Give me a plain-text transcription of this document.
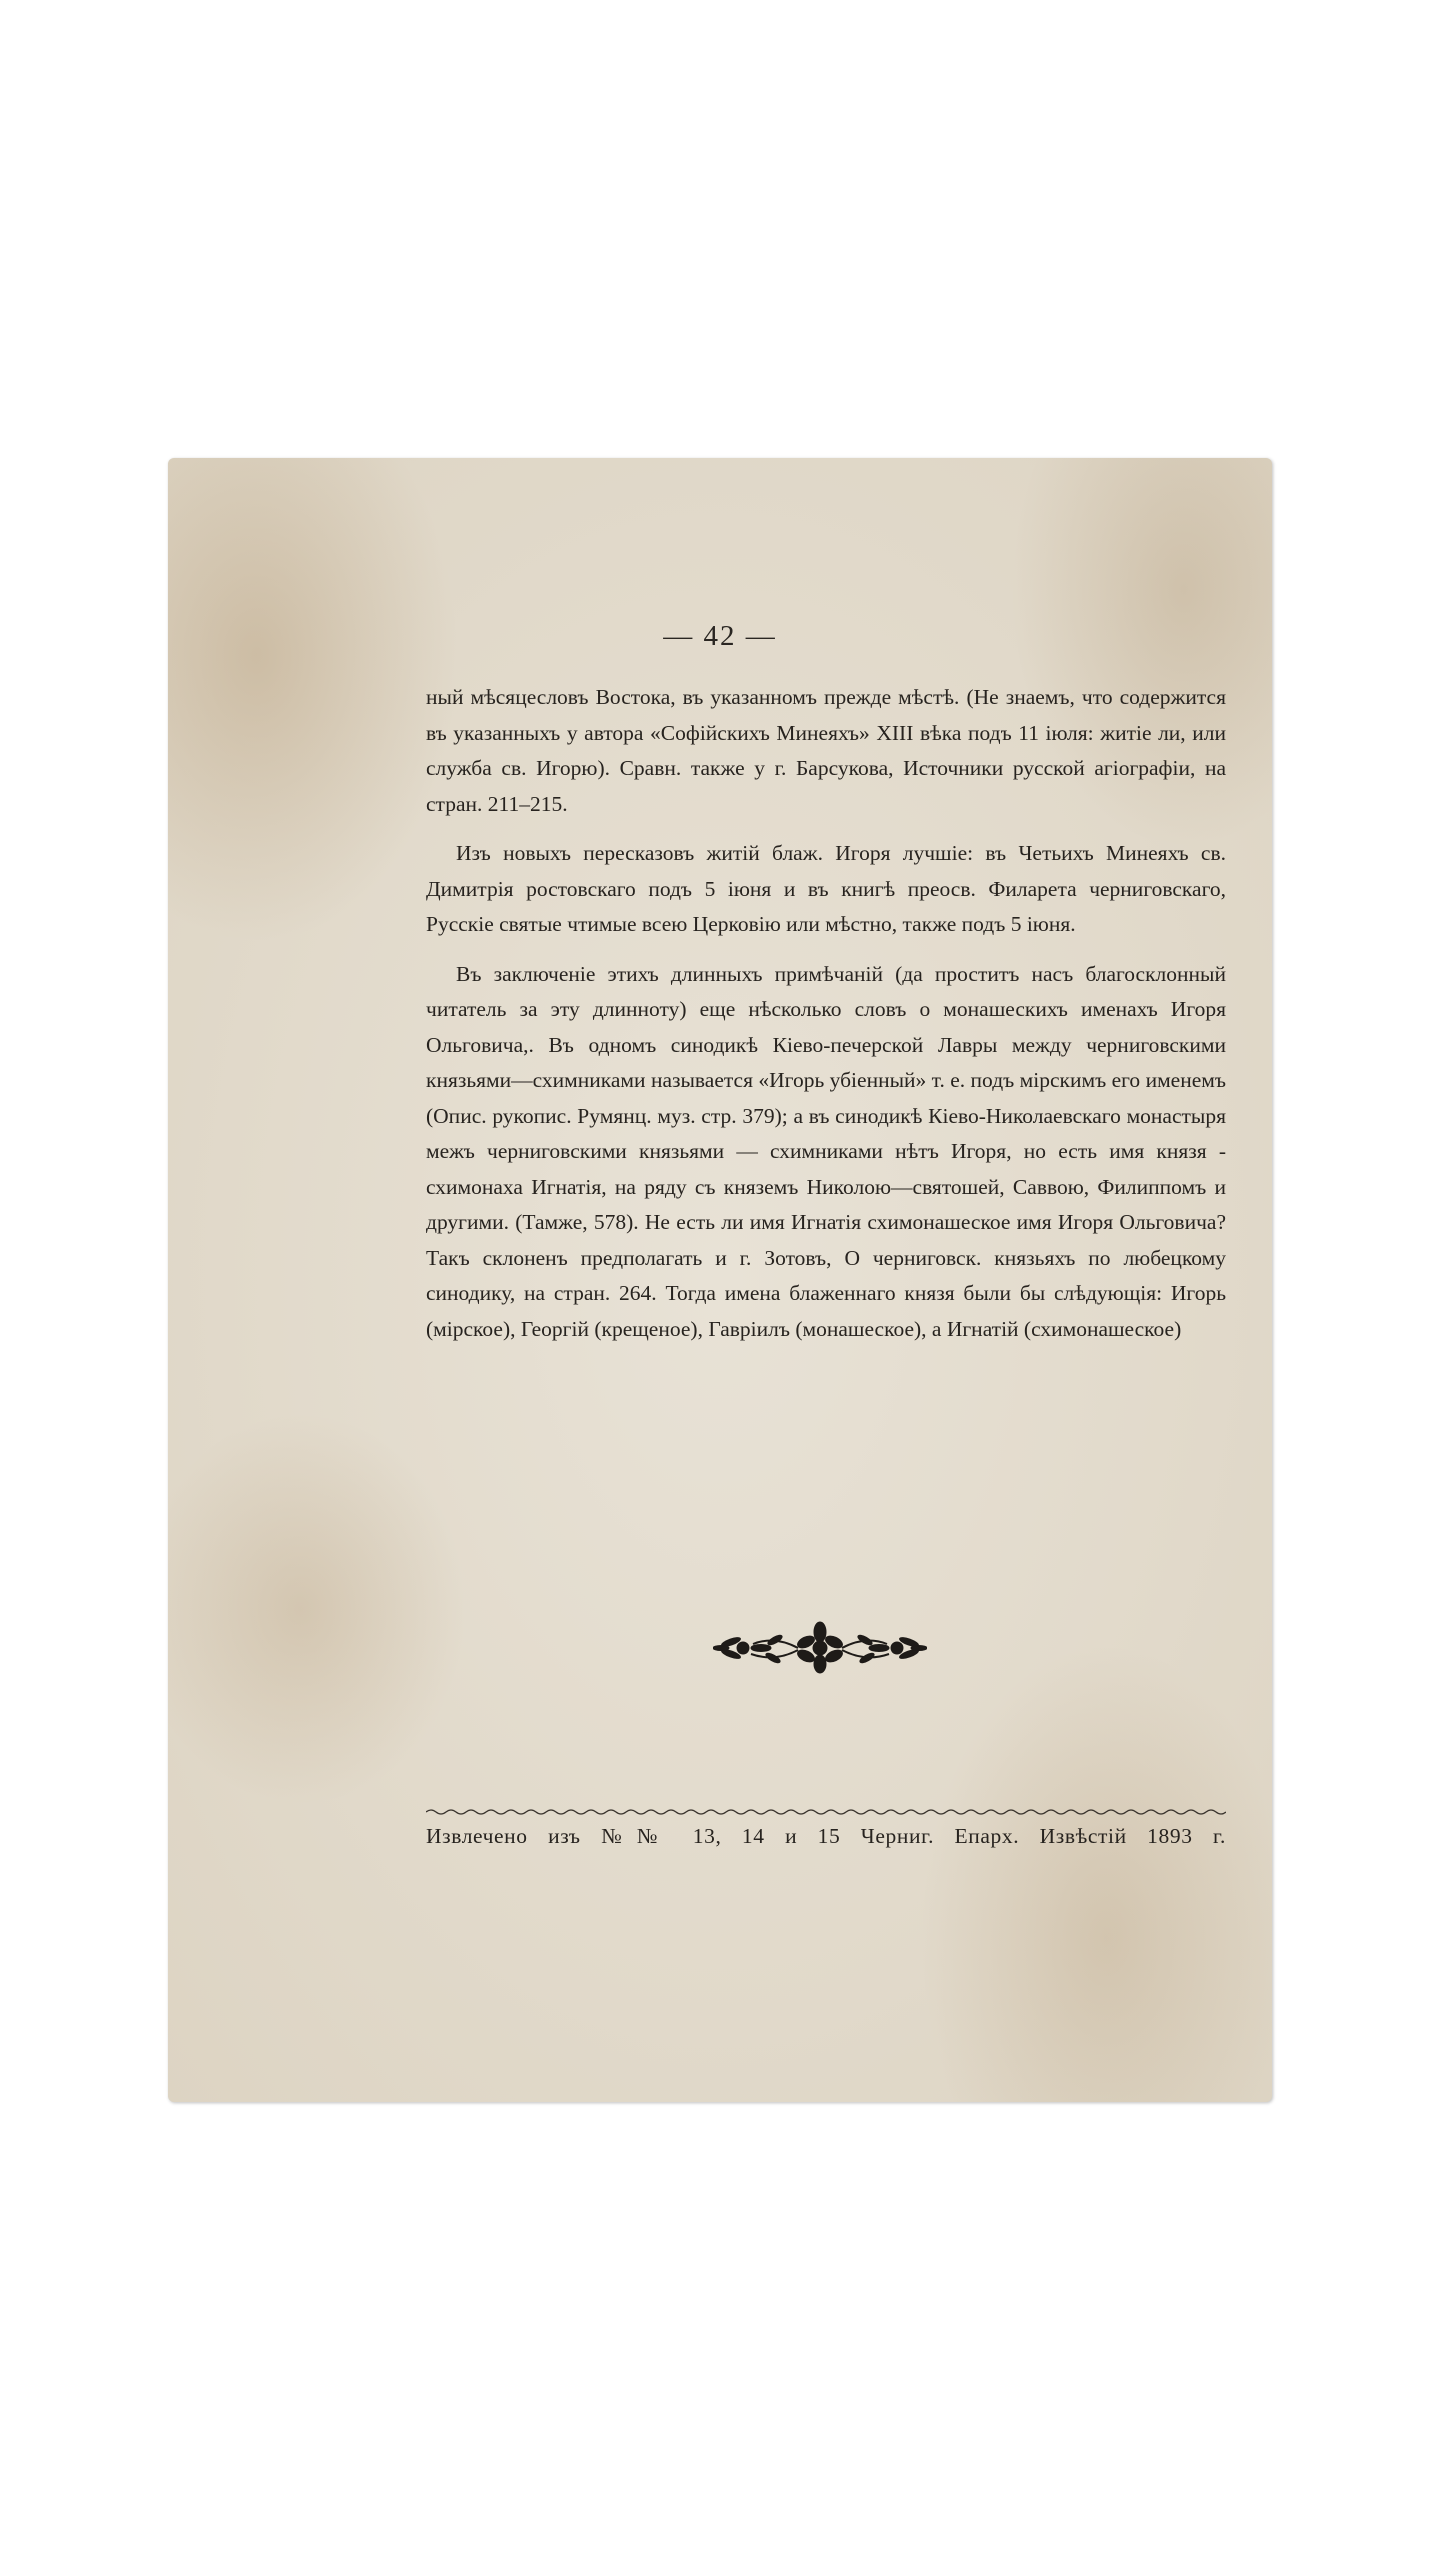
— 42 —

ный мѣсяцесловъ Востока, въ указанномъ прежде мѣстѣ. (Не знаемъ, что содержится въ указанныхъ у автора «Софійскихъ Минеяхъ» XIII вѣка подъ 11 іюля: житіе ли, или служба св. Игорю). Сравн. также у г. Барсукова, Источники русской агіографіи, на стран. 211–215.

Изъ новыхъ пересказовъ житій блаж. Игоря лучшіе: въ Четьихъ Минеяхъ св. Димитрія ростовскаго подъ 5 іюня и въ книгѣ преосв. Филарета черниговскаго, Русскіе святые чтимые всею Церковію или мѣстно, также подъ 5 іюня.

Въ заключеніе этихъ длинныхъ примѣчаній (да проститъ насъ благосклонный читатель за эту длинноту) еще нѣсколько словъ о монашескихъ именахъ Игоря Ольговича,. Въ одномъ синодикѣ Кіево-печерской Лавры между черниговскими князьями—схимниками называется «Игорь убіенный» т. е. подъ мірскимъ его именемъ (Опис. рукопис. Румянц. муз. стр. 379); а въ синодикѣ Кіево-Николаевскаго монастыря межъ черниговскими князьями — схимниками нѣтъ Игоря, но есть имя князя - схимонаха Игнатія, на ряду съ княземъ Николою—святошей, Саввою, Филиппомъ и другими. (Тамже, 578). Не есть ли имя Игнатія схимонашеское имя Игоря Ольговича? Такъ склоненъ предполагать и г. Зотовъ, О черниговск. князьяхъ по любецкому синодику, на стран. 264. Тогда имена блаженнаго князя были бы слѣдующія: Игорь (мірское), Георгій (крещеное), Гавріилъ (монашеское), а Игнатій (схимонашеское)

Извлечено изъ №№ 13, 14 и 15 Черниг. Епарх. Извѣстій 1893 г.
